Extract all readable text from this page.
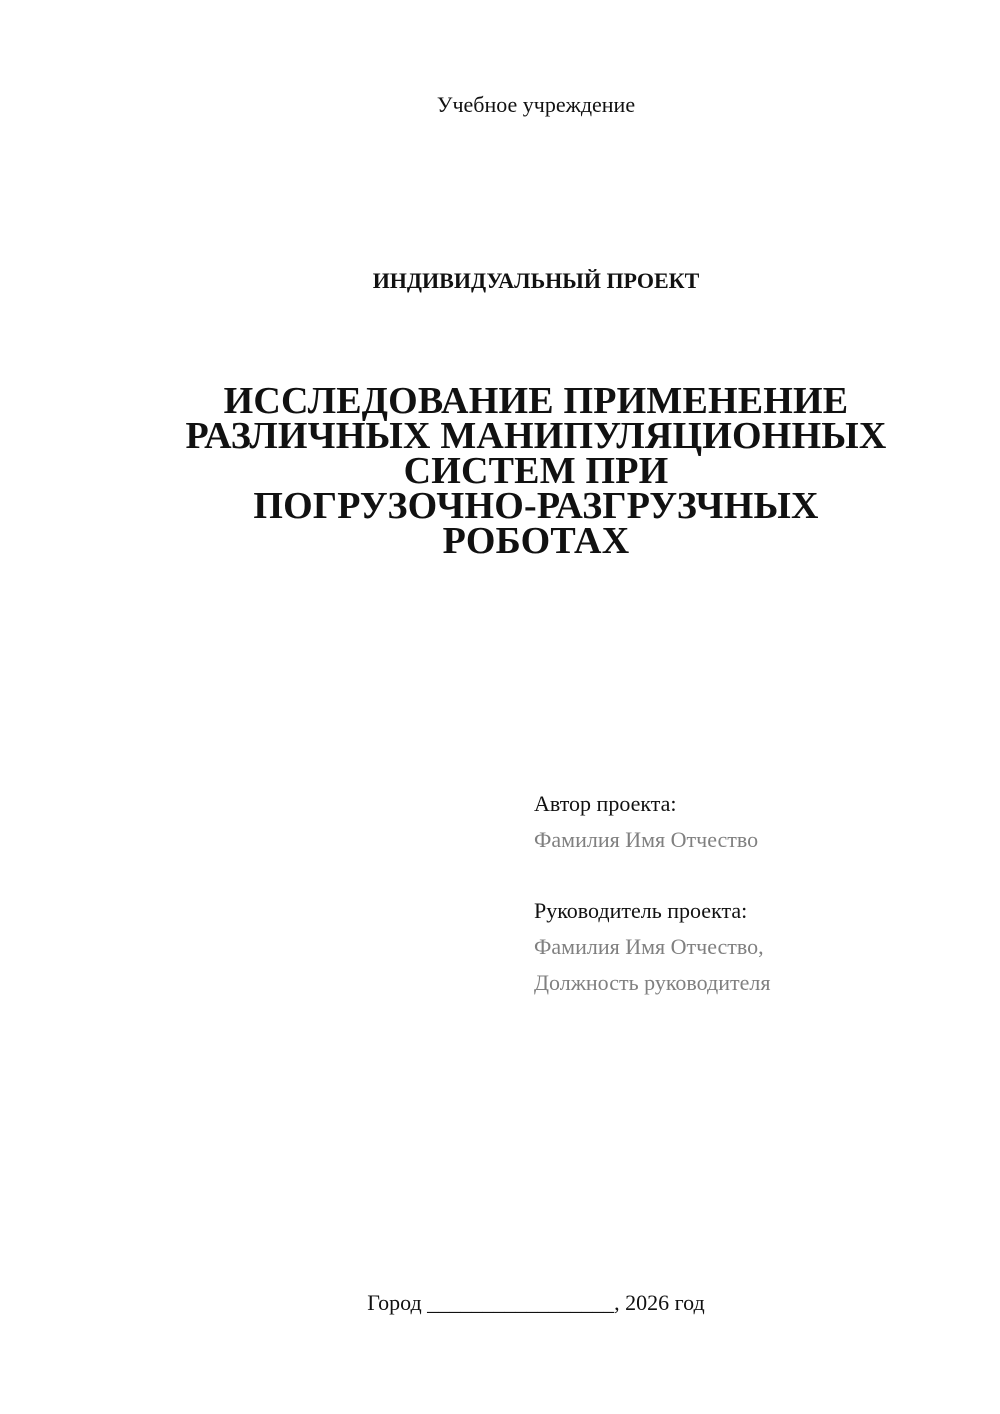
Учебное учреждение
ИНДИВИДУАЛЬНЫЙ ПРОЕКТ
ИССЛЕДОВАНИЕ ПРИМЕНЕНИЕ
РАЗЛИЧНЫХ МАНИПУЛЯЦИОННЫХ
СИСТЕМ ПРИ
ПОГРУЗОЧНО-РАЗГРУЗЧНЫХ
РОБОТАХ
Автор проекта:
Фамилия Имя Отчество
Руководитель проекта:
Фамилия Имя Отчество,
Должность руководителя
Город _________________, 2026 год
